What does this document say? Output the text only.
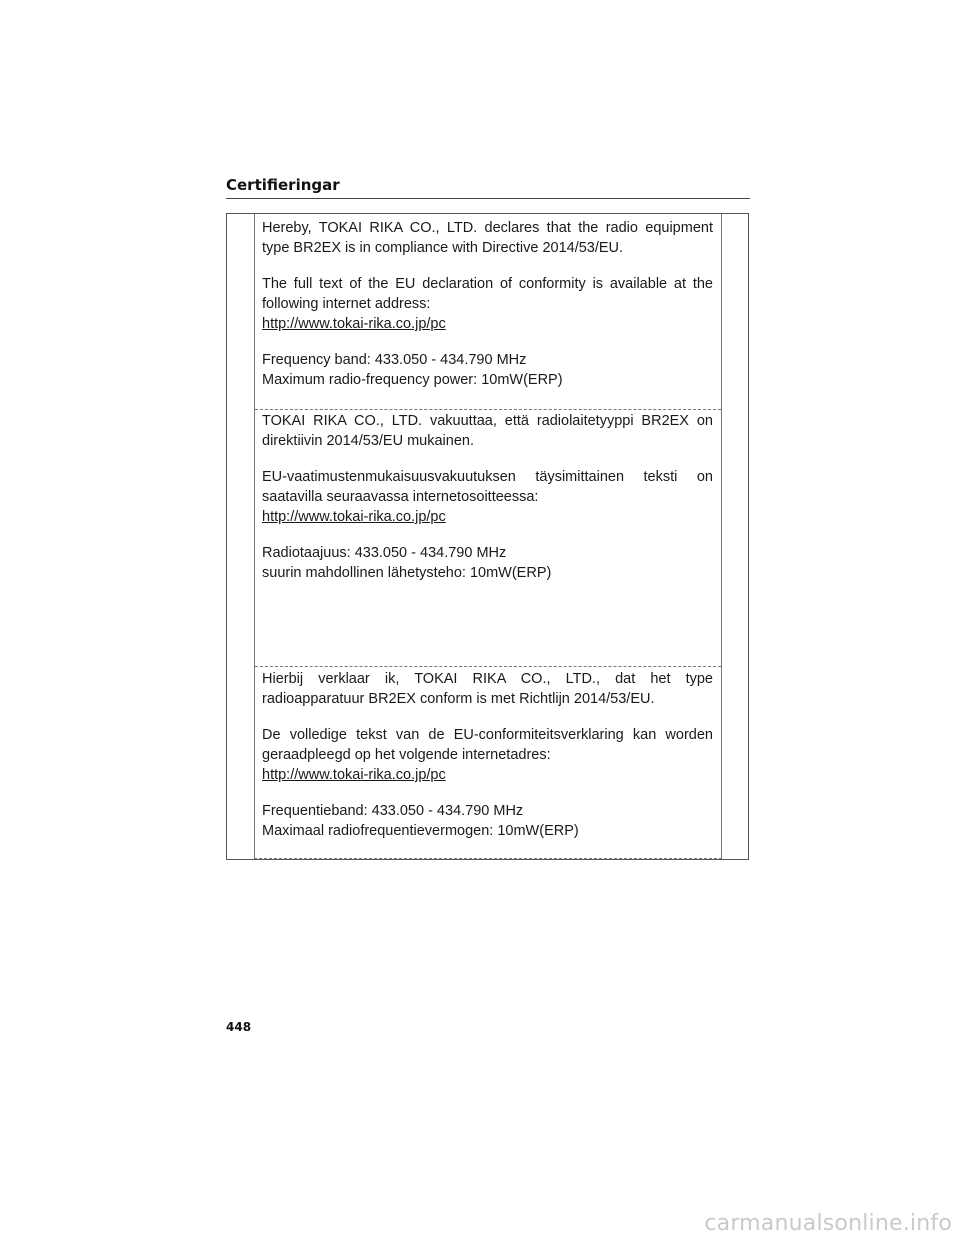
Certifieringar

Hereby, TOKAI RIKA CO., LTD. declares that the radio equipment type BR2EX is in compliance with Directive 2014/53/EU.

The full text of the EU declaration of conformity is available at the following internet address:

http://www.tokai-rika.co.jp/pc

Frequency band: 433.050 - 434.790 MHz

Maximum radio-frequency power: 10mW(ERP)

TOKAI RIKA CO., LTD. vakuuttaa, että radiolaitetyyppi BR2EX on direktiivin 2014/53/EU mukainen.

EU-vaatimustenmukaisuusvakuutuksen täysimittainen teksti on saatavilla seuraavassa internetosoitteessa:

http://www.tokai-rika.co.jp/pc

Radiotaajuus: 433.050 - 434.790 MHz

suurin mahdollinen lähetysteho: 10mW(ERP)

Hierbij verklaar ik, TOKAI RIKA CO., LTD., dat het type radioapparatuur BR2EX conform is met Richtlijn 2014/53/EU.

De volledige tekst van de EU-conformiteitsverklaring kan worden geraadpleegd op het volgende internetadres:

http://www.tokai-rika.co.jp/pc

Frequentieband: 433.050 - 434.790 MHz

Maximaal radiofrequentievermogen: 10mW(ERP)

448
carmanualsonline.info
